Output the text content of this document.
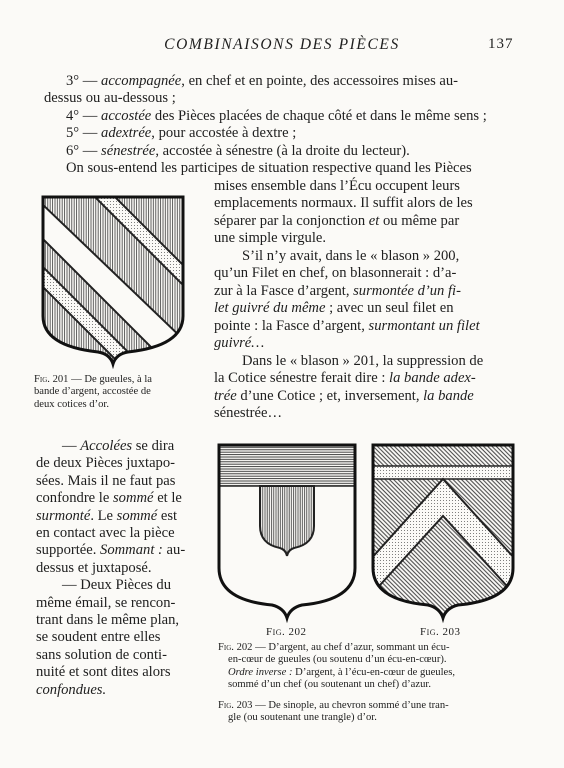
COMBINAISONS DES PIÈCES	137

3° — accompagnée, en chef et en pointe, des accessoires mises au-

dessus ou au-dessous ;

4° — accostée des Pièces placées de chaque côté et dans le même sens ;

5° — adextrée, pour accostée à dextre ;

6° — sénestrée, accostée à sénestre (à la droite du lecteur).

On sous-entend les participes de situation respective quand les Pièces

mises ensemble dans l’Écu occupent leurs

emplacements normaux. Il suffit alors de les

séparer par la conjonction et ou même par

une simple virgule.

S’il n’y avait, dans le « blason » 200,

qu’un Filet en chef, on blasonnerait : d’a-

zur à la Fasce d’argent, surmontée d’un fi-

let guivré du même ; avec un seul filet en

pointe : la Fasce d’argent, surmontant un filet

guivré…

Dans le « blason » 201, la suppression de

la Cotice sénestre ferait dire : la bande adex-

trée d’une Cotice ; et, inversement, la bande

sénestrée…

Fig. 201 — De gueules, à la
bande d’argent, accostée de
deux cotices d’or.

— Accolées se dira

de deux Pièces juxtapo-

sées. Mais il ne faut pas

confondre le sommé et le

surmonté. Le sommé est

en contact avec la pièce

supportée. Sommant : au-

dessus et juxtaposé.

— Deux Pièces du

même émail, se rencon-

trant dans le même plan,

se soudent entre elles

sans solution de conti-

nuité et sont dites alors

confondues.

Fig. 202	Fig. 203
Fig. 202 — D’argent, au chef d’azur, sommant un écu-
en-cœur de gueules (ou soutenu d’un écu-en-cœur).
Ordre inverse : D’argent, à l’écu-en-cœur de gueules,
sommé d’un chef (ou soutenant un chef) d’azur.
Fig. 203 — De sinople, au chevron sommé d’une tran-
gle (ou soutenant une trangle) d’or.
